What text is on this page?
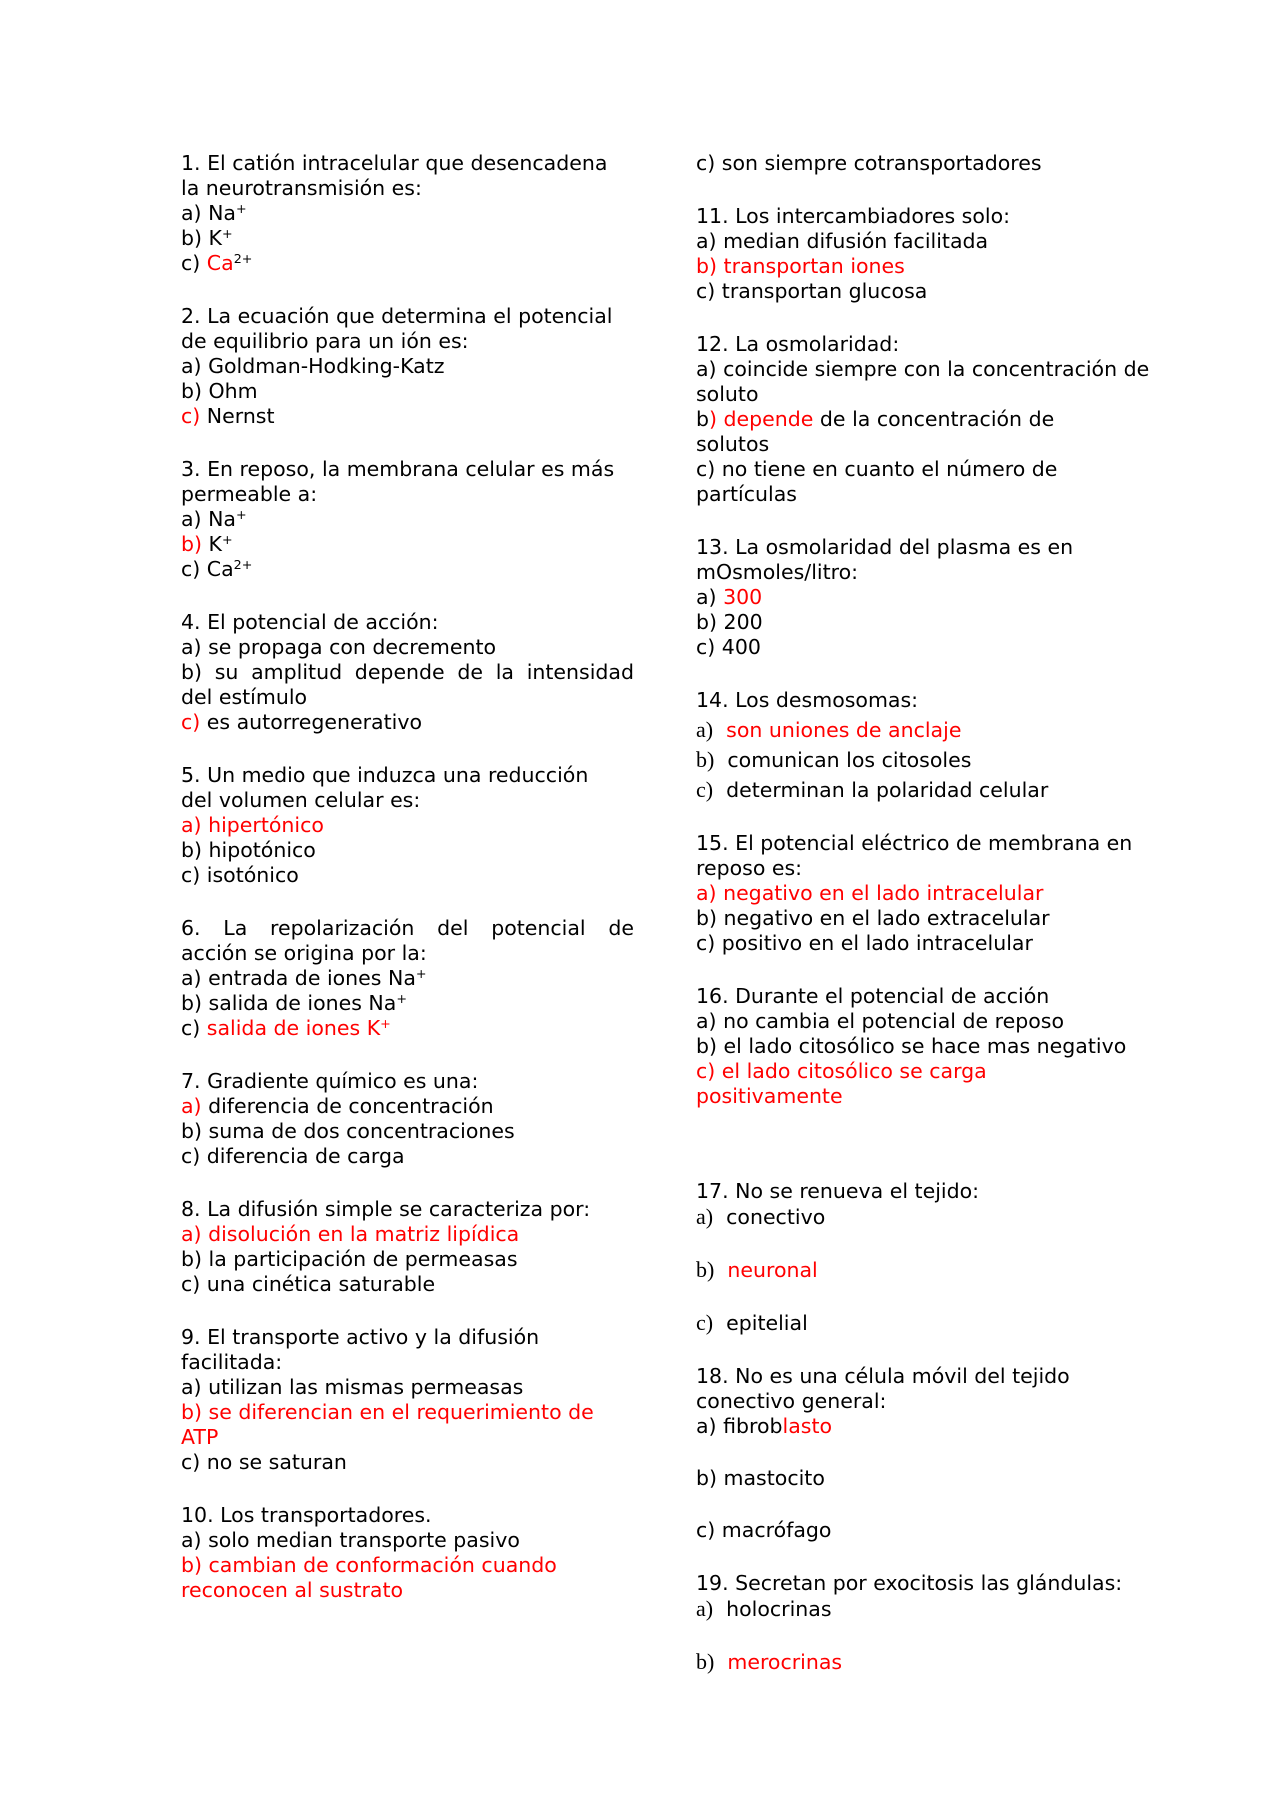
1. El catión intracelular que desencadena
la neurotransmisión es:
a) Na+
b) K+
c) $Ca^{2+}$
2. La ecuación que determina el potencial
de equilibrio para un ión es:
a) Goldman-Hodking-Katz
b) Ohm
c) Nernst
3. En reposo, la membrana celular es más
permeable a:
a) Na+
b) K+
c) $Ca^{2+}$
4. El potencial de acción:
a) se propaga con decremento
b) su amplitud depende de la intensidad
del estímulo
c) es autorregenerativo
5. Un medio que induzca una reducción
del volumen celular es:
a) hipertónico
b) hipotónico
c) isotónico
6. La repolarización del potencial de
acción se origina por la:
a) entrada de iones Na+
b) salida de iones Na+
c) salida de iones K+
7. Gradiente químico es una:
a) diferencia de concentración
b) suma de dos concentraciones
c) diferencia de carga
8. La difusión simple se caracteriza por:
a) disolución en la matriz lipídica
b) la participación de permeasas
c) una cinética saturable
9. El transporte activo y la difusión
facilitada:
a) utilizan las mismas permeasas
b) se diferencian en el requerimiento de
ATP
c) no se saturan
10. Los transportadores.
a) solo median transporte pasivo
b) cambian de conformación cuando
reconocen al sustrato
c) son siempre cotransportadores
11. Los intercambiadores solo:
a) median difusión facilitada
b) transportan iones
c) transportan glucosa
12. La osmolaridad:
a) coincide siempre con la concentración de
soluto
b) depende de la concentración de
solutos
c) no tiene en cuanto el número de
partículas
13. La osmolaridad del plasma es en
mOsmoles/litro:
a) 300
b) 200
c) 400
14. Los desmosomas:
a) son uniones de anclaje
b) comunican los citosoles
c) determinan la polaridad celular
15. El potencial eléctrico de membrana en
reposo es:
a) negativo en el lado intracelular
b) negativo en el lado extracelular
c) positivo en el lado intracelular
16. Durante el potencial de acción
a) no cambia el potencial de reposo
b) el lado citosólico se hace mas negativo
c) el lado citosólico se carga
positivamente
17. No se renueva el tejido:
a) conectivo
b) neuronal
c) epitelial
18. No es una célula móvil del tejido
conectivo general:
a) fibroblasto
b) mastocito
c) macrófago
19. Secretan por exocitosis las glándulas:
a) holocrinas
b) merocrinas
